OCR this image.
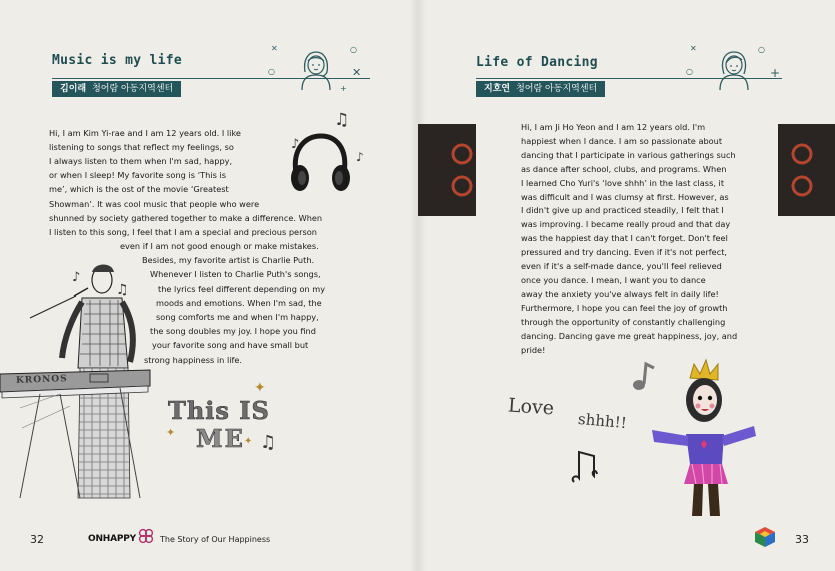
Music is my life
김이래 청어람 아동지역센터
✕
○
○
✕
+
Hi, I am Kim Yi-rae and I am 12 years old. I like
listening to songs that reflect my feelings, so
I always listen to them when I'm sad, happy,
or when I sleep! My favorite song is ‘This is
me’, which is the ost of the movie ‘Greatest
Showman’. It was cool music that people who were
shunned by society gathered together to make a difference. When
I listen to this song, I feel that I am a special and precious person
even if I am not good enough or make mistakes.
Besides, my favorite artist is Charlie Puth.
Whenever I listen to Charlie Puth's songs,
the lyrics feel different depending on my
moods and emotions. When I'm sad, the
song comforts me and when I'm happy,
the song doubles my joy. I hope you find
your favorite song and have small but
strong happiness in life.
♫
♪
♪
KRONOS
♪
♫
This IS
ME
✦
✦
✦ ♫
32	ONHAPPY	The Story of Our Happiness
Life of Dancing
지호연 청어람 아동지역센터
✕
○
○
+

Hi, I am Ji Ho Yeon and I am 12 years old. I'm

happiest when I dance. I am so passionate about

dancing that I participate in various gatherings such

as dance after school, clubs, and programs. When

I learned Cho Yuri's ‘love shhh’ in the last class, it

was difficult and I was clumsy at first. However, as

I didn't give up and practiced steadily, I felt that I

was improving. I became really proud and that day

was the happiest day that I can't forget. Don't feel

pressured and try dancing. Even if it's not perfect,

even if it's a self-made dance, you'll feel relieved

once you dance. I mean, I want you to dance

away the anxiety you've always felt in daily life!

Furthermore, I hope you can feel the joy of growth

through the opportunity of constantly challenging

dancing. Dancing gave me great happiness, joy, and

pride!

Love
shhh!!
33
